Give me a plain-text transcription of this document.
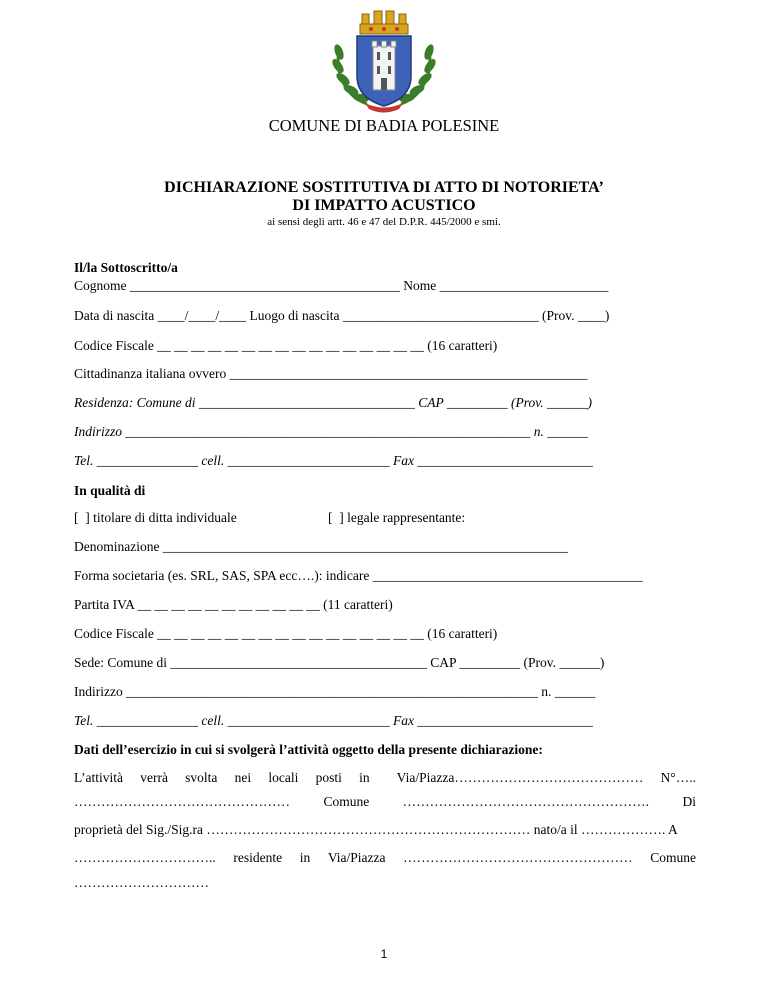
COMUNE DI BADIA POLESINE
DICHIARAZIONE SOSTITUTIVA DI ATTO DI NOTORIETA’
DI IMPATTO ACUSTICO
ai sensi degli artt. 46 e 47 del D.P.R. 445/2000 e smi.
Il/la Sottoscritto/a
Cognome ________________________________________ Nome _________________________
Data di nascita ____/____/____ Luogo di nascita _____________________________ (Prov. ____)
Codice Fiscale __ __ __ __ __ __ __ __ __ __ __ __ __ __ __ __ (16 caratteri)
Cittadinanza italiana ovvero _____________________________________________________
Residenza: Comune di ________________________________ CAP _________ (Prov. ______)
Indirizzo ____________________________________________________________ n. ______
Tel. _______________ cell. ________________________ Fax __________________________
In qualità di
[  ] titolare di ditta individuale	[  ] legale rappresentante:
Denominazione ____________________________________________________________
Forma societaria (es. SRL, SAS, SPA ecc….): indicare ________________________________________
Partita IVA __ __ __ __ __ __ __ __ __ __ __ (11 caratteri)
Codice Fiscale __ __ __ __ __ __ __ __ __ __ __ __ __ __ __ __ (16 caratteri)
Sede: Comune di ______________________________________ CAP _________ (Prov. ______)
Indirizzo _____________________________________________________________ n. ______
Tel. _______________ cell. ________________________ Fax __________________________
Dati dell’esercizio in cui si svolgerà l’attività oggetto della presente dichiarazione:
L’attività verrà svolta nei locali posti in Via/Piazza…………………………………… N°…..
………………………………………… Comune ………………………………………………. Di
proprietà del Sig./Sig.ra ……………………………………………………………… nato/a il ………………. A
………………………….. residente in Via/Piazza …………………………………………… Comune
…………………………
1
